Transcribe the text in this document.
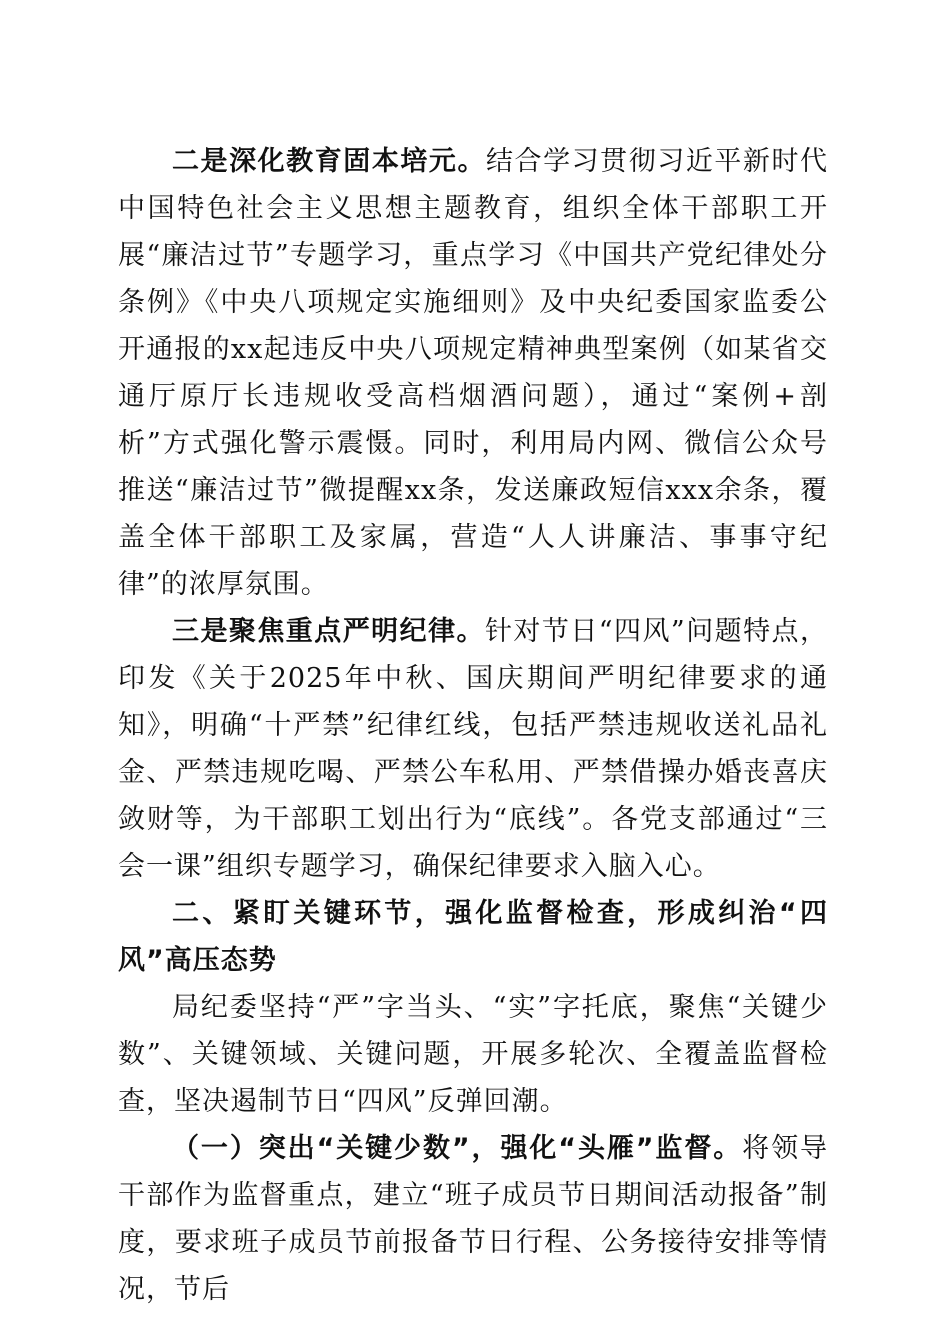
二是深化教育固本培元。结合学习贯彻习近平新时代中国特色社会主义思想主题教育，组织全体干部职工开展“廉洁过节”专题学习，重点学习《中国共产党纪律处分条例》《中央八项规定实施细则》及中央纪委国家监委公开通报的xx起违反中央八项规定精神典型案例（如某省交通厅原厅长违规收受高档烟酒问题），通过“案例+剖析”方式强化警示震慑。同时，利用局内网、微信公众号推送“廉洁过节”微提醒xx条，发送廉政短信xxx余条，覆盖全体干部职工及家属，营造“人人讲廉洁、事事守纪律”的浓厚氛围。

三是聚焦重点严明纪律。针对节日“四风”问题特点，印发《关于2025年中秋、国庆期间严明纪律要求的通知》，明确“十严禁”纪律红线，包括严禁违规收送礼品礼金、严禁违规吃喝、严禁公车私用、严禁借操办婚丧喜庆敛财等，为干部职工划出行为“底线”。各党支部通过“三会一课”组织专题学习，确保纪律要求入脑入心。

二、紧盯关键环节，强化监督检查，形成纠治“四风”高压态势

局纪委坚持“严”字当头、“实”字托底，聚焦“关键少数”、关键领域、关键问题，开展多轮次、全覆盖监督检查，坚决遏制节日“四风”反弹回潮。

（一）突出“关键少数”，强化“头雁”监督。将领导干部作为监督重点，建立“班子成员节日期间活动报备”制度，要求班子成员节前报备节日行程、公务接待安排等情况，节后
